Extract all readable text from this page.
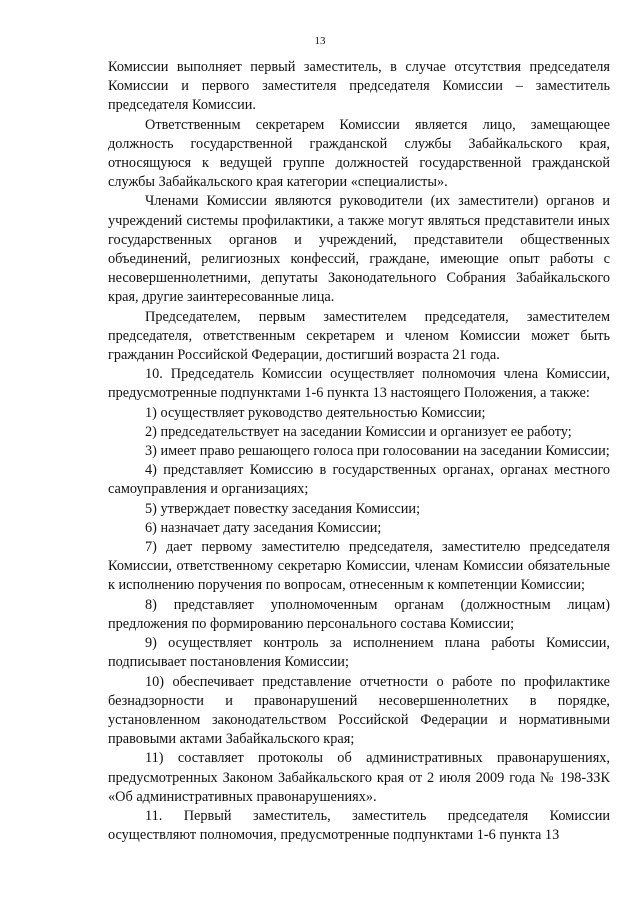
13

Комиссии выполняет первый заместитель, в случае отсутствия председателя Комиссии и первого заместителя председателя Комиссии – заместитель председателя Комиссии.

Ответственным секретарем Комиссии является лицо, замещающее должность государственной гражданской службы Забайкальского края, относящуюся к ведущей группе должностей государственной гражданской службы Забайкальского края категории «специалисты».

Членами Комиссии являются руководители (их заместители) органов и учреждений системы профилактики, а также могут являться представители иных государственных органов и учреждений, представители общественных объединений, религиозных конфессий, граждане, имеющие опыт работы с несовершеннолетними, депутаты Законодательного Собрания Забайкальского края, другие заинтересованные лица.

Председателем, первым заместителем председателя, заместителем председателя, ответственным секретарем и членом Комиссии может быть гражданин Российской Федерации, достигший возраста 21 года.

10. Председатель Комиссии осуществляет полномочия члена Комиссии, предусмотренные подпунктами 1-6 пункта 13 настоящего Положения, а также:

1) осуществляет руководство деятельностью Комиссии;

2) председательствует на заседании Комиссии и организует ее работу;

3) имеет право решающего голоса при голосовании на заседании Комиссии;

4) представляет Комиссию в государственных органах, органах местного самоуправления и организациях;

5) утверждает повестку заседания Комиссии;

6) назначает дату заседания Комиссии;

7) дает первому заместителю председателя, заместителю председателя Комиссии, ответственному секретарю Комиссии, членам Комиссии обязательные к исполнению поручения по вопросам, отнесенным к компетенции Комиссии;

8) представляет уполномоченным органам (должностным лицам) предложения по формированию персонального состава Комиссии;

9) осуществляет контроль за исполнением плана работы Комиссии, подписывает постановления Комиссии;

10) обеспечивает представление отчетности о работе по профилактике безнадзорности и правонарушений несовершеннолетних в порядке, установленном законодательством Российской Федерации и нормативными правовыми актами Забайкальского края;

11) составляет протоколы об административных правонарушениях, предусмотренных Законом Забайкальского края от 2 июля 2009 года № 198-ЗЗК «Об административных правонарушениях».

11. Первый заместитель, заместитель председателя Комиссии осуществляют полномочия, предусмотренные подпунктами 1-6 пункта 13
